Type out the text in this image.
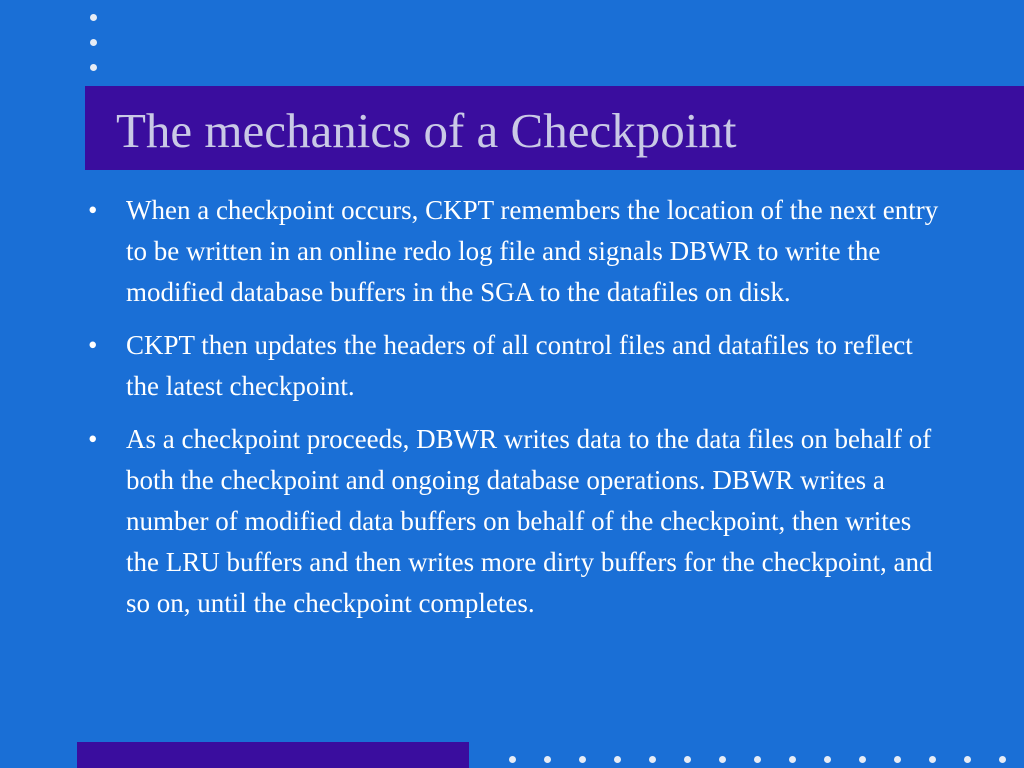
The mechanics of a Checkpoint
• When a checkpoint occurs, CKPT remembers the location of the next entry to be written in an online redo log file and signals DBWR to write the modified database buffers in the SGA to the datafiles on disk.
• CKPT then updates the headers of all control files and datafiles to reflect the latest checkpoint.
• As a checkpoint proceeds, DBWR writes data to the data files on behalf of both the checkpoint and ongoing database operations. DBWR writes a number of modified data buffers on behalf of the checkpoint, then writes the LRU buffers and then writes more dirty buffers for the checkpoint, and so on, until the checkpoint completes.
